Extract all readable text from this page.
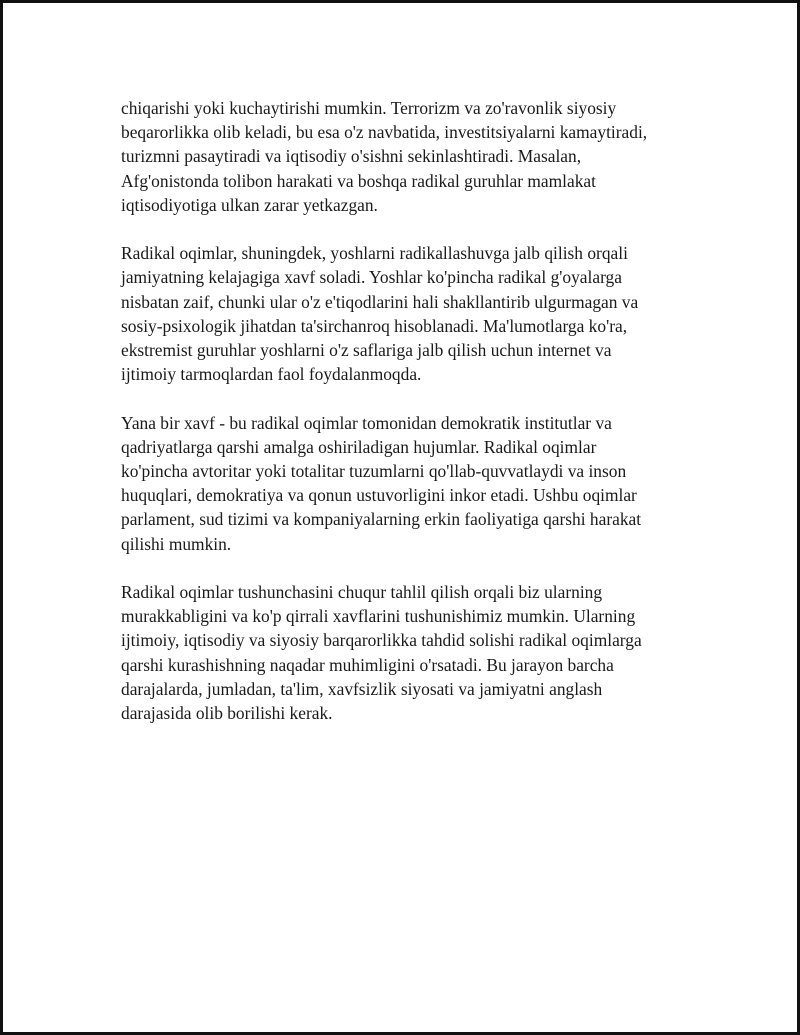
chiqarishi yoki kuchaytirishi mumkin. Terrorizm va zo'ravonlik siyosiy
beqarorlikka olib keladi, bu esa o'z navbatida, investitsiyalarni kamaytiradi,
turizmni pasaytiradi va iqtisodiy o'sishni sekinlashtiradi. Masalan,
Afg'onistonda tolibon harakati va boshqa radikal guruhlar mamlakat
iqtisodiyotiga ulkan zarar yetkazgan.

Radikal oqimlar, shuningdek, yoshlarni radikallashuvga jalb qilish orqali
jamiyatning kelajagiga xavf soladi. Yoshlar ko'pincha radikal g'oyalarga
nisbatan zaif, chunki ular o'z e'tiqodlarini hali shakllantirib ulgurmagan va
sosiy-psixologik jihatdan ta'sirchanroq hisoblanadi. Ma'lumotlarga ko'ra,
ekstremist guruhlar yoshlarni o'z saflariga jalb qilish uchun internet va
ijtimoiy tarmoqlardan faol foydalanmoqda.

Yana bir xavf - bu radikal oqimlar tomonidan demokratik institutlar va
qadriyatlarga qarshi amalga oshiriladigan hujumlar. Radikal oqimlar
ko'pincha avtoritar yoki totalitar tuzumlarni qo'llab-quvvatlaydi va inson
huquqlari, demokratiya va qonun ustuvorligini inkor etadi. Ushbu oqimlar
parlament, sud tizimi va kompaniyalarning erkin faoliyatiga qarshi harakat
qilishi mumkin.

Radikal oqimlar tushunchasini chuqur tahlil qilish orqali biz ularning
murakkabligini va ko'p qirrali xavflarini tushunishimiz mumkin. Ularning
ijtimoiy, iqtisodiy va siyosiy barqarorlikka tahdid solishi radikal oqimlarga
qarshi kurashishning naqadar muhimligini o'rsatadi. Bu jarayon barcha
darajalarda, jumladan, ta'lim, xavfsizlik siyosati va jamiyatni anglash
darajasida olib borilishi kerak.
